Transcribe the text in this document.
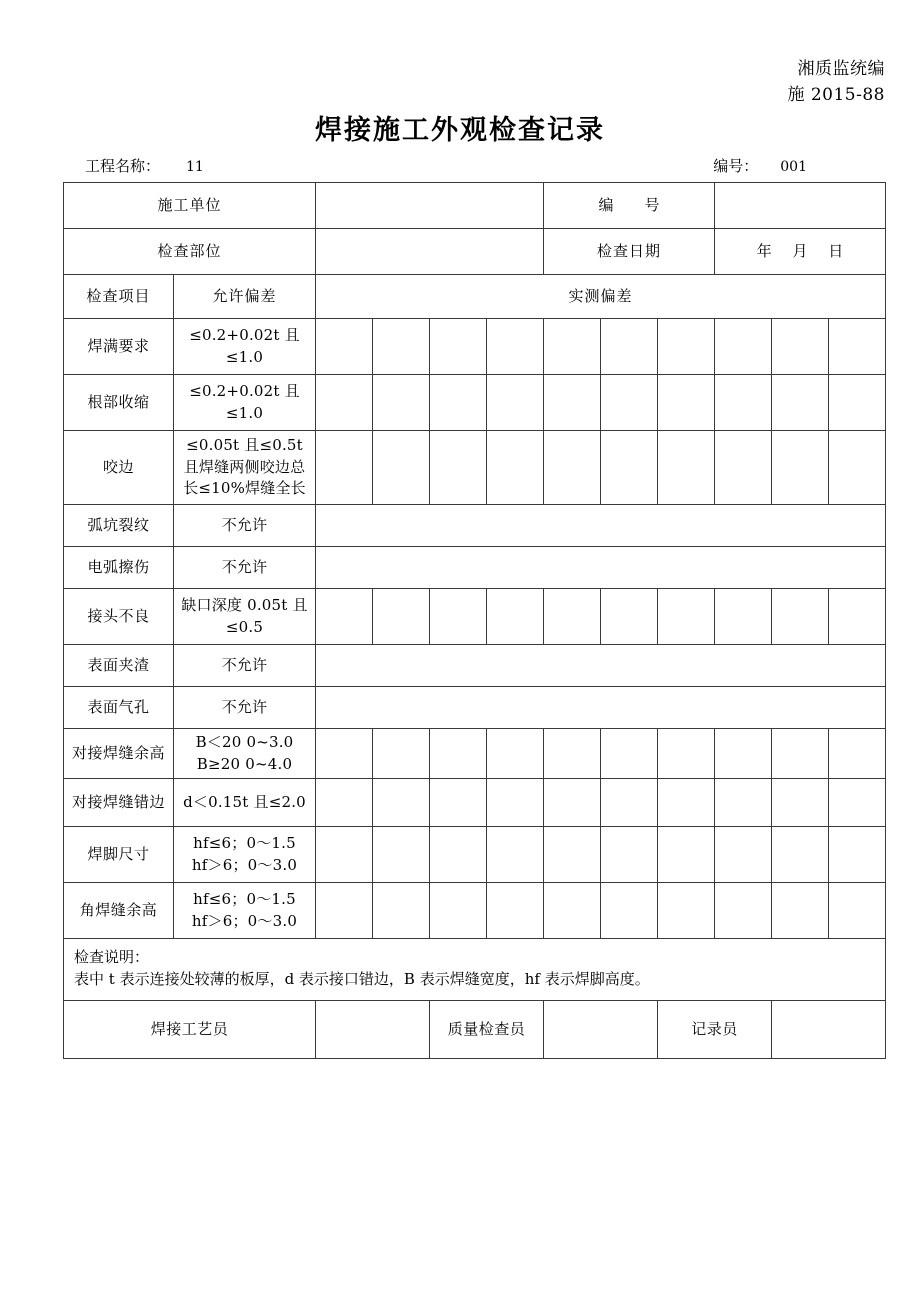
湘质监统编
施 2015-88
焊接施工外观检查记录
工程名称： 11	编号： 001
施工单位						编　号					
检查部位						检查日期			年 月 日		
检查项目	允许偏差	实测偏差									
焊满要求	≤0.2+0.02t 且
≤1.0										

根部收缩	≤0.2+0.02t 且
≤1.0										

咬边	≤0.05t 且≤0.5t
且焊缝两侧咬边总
长≤10%焊缝全长										

弧坑裂纹	不允许										

电弧擦伤	不允许										

接头不良	缺口深度 0.05t 且
≤0.5										

表面夹渣	不允许										

表面气孔	不允许										

对接焊缝余高	B＜20 0~3.0
B≥20 0~4.0										

对接焊缝错边	d＜0.15t 且≤2.0										

焊脚尺寸	hf≤6；0～1.5
hf＞6；0～3.0										

角焊缝余高	hf≤6；0～1.5
hf＞6；0～3.0										

检查说明：
表中 t 表示连接处较薄的板厚，d 表示接口错边，B 表示焊缝宽度，hf 表示焊脚高度。											

焊接工艺员				质量检查员				记录员			
